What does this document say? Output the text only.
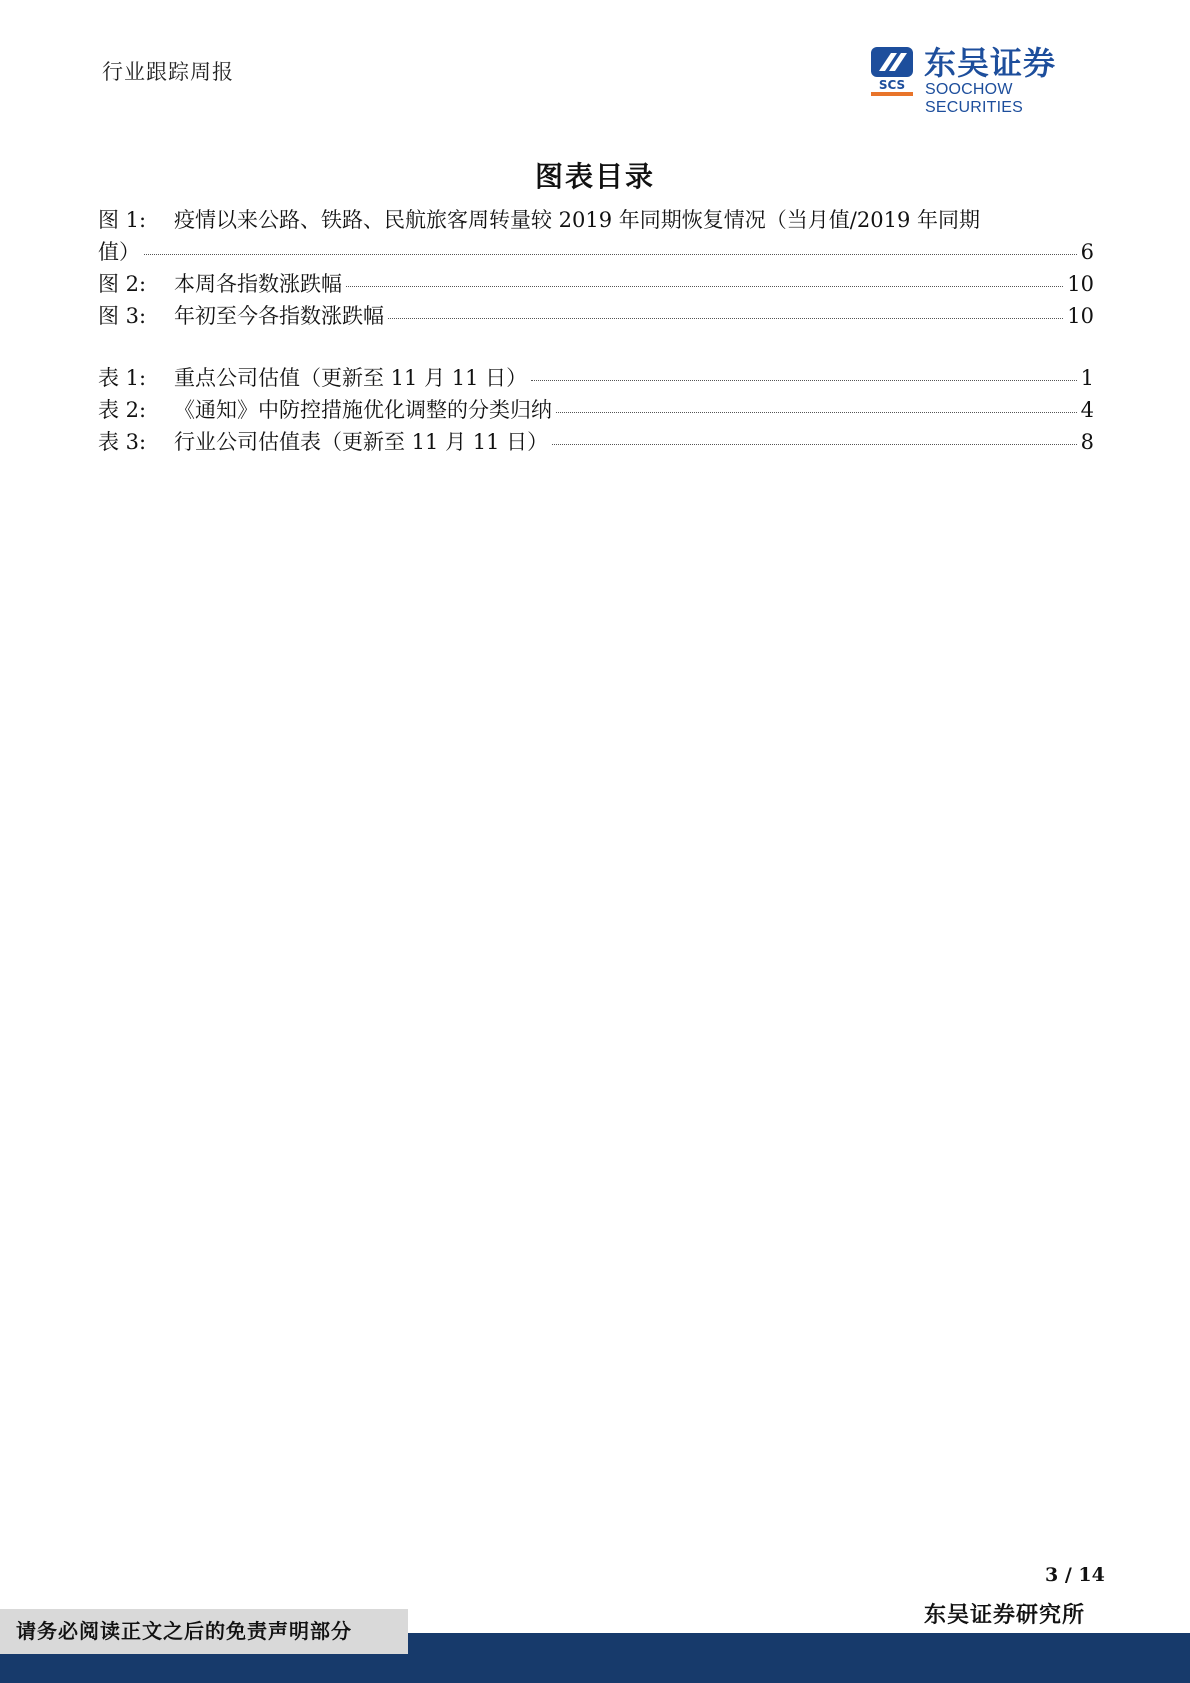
行业跟踪周报
SCS
东吴证券
SOOCHOW SECURITIES
图表目录
图 1:	疫情以来公路、铁路、民航旅客周转量较 2019 年同期恢复情况（当月值/2019 年同期
值）	6
图 2:	本周各指数涨跌幅	10
图 3:	年初至今各指数涨跌幅	10
表 1:	重点公司估值（更新至 11 月 11 日）	1
表 2:	《通知》中防控措施优化调整的分类归纳	4
表 3:	行业公司估值表（更新至 11 月 11 日）	8
3 / 14
东吴证券研究所
请务必阅读正文之后的免责声明部分
